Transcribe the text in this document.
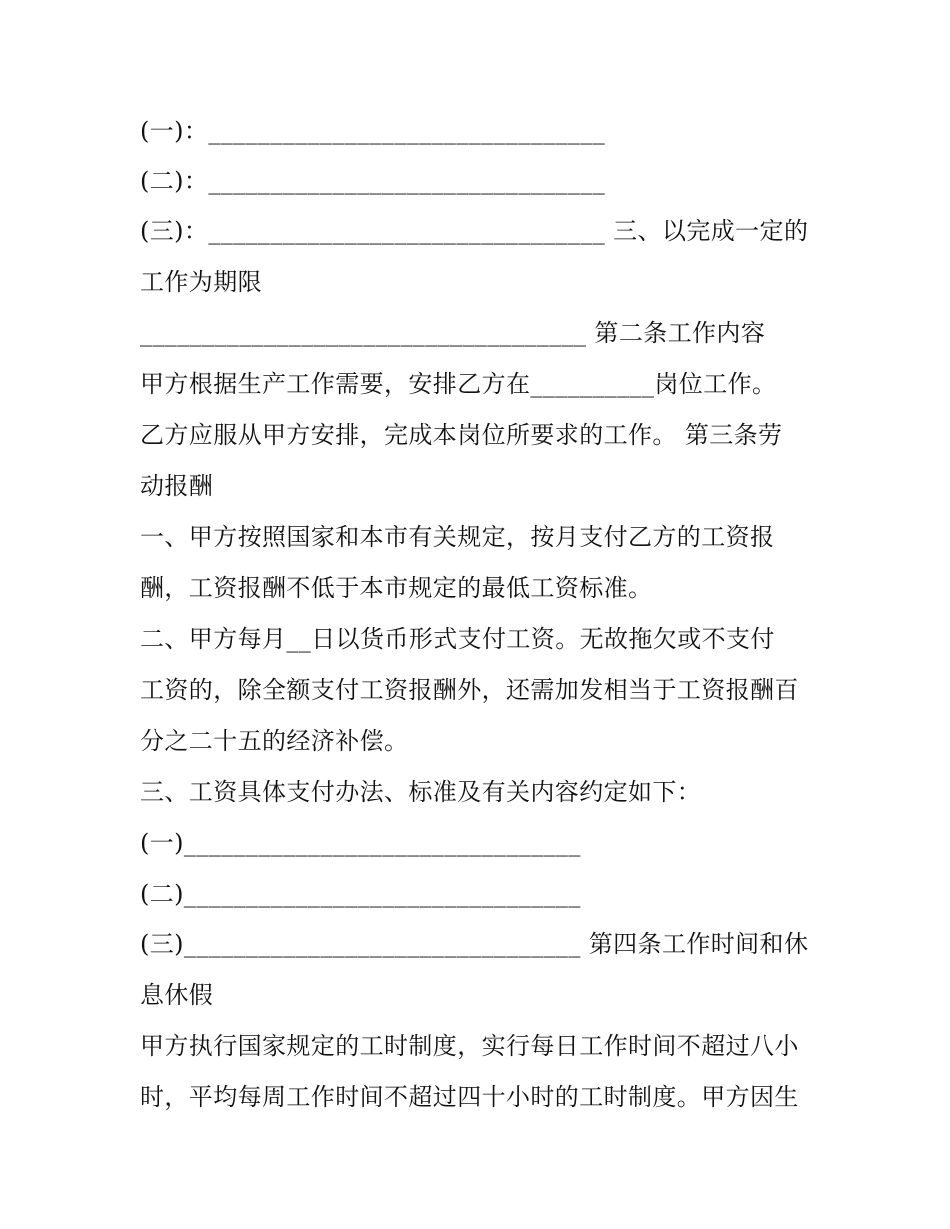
(一)：________________________________
(二)：________________________________
(三)：________________________________ 三、以完成一定的
工作为期限
____________________________________ 第二条工作内容
甲方根据生产工作需要，安排乙方在__________岗位工作。
乙方应服从甲方安排，完成本岗位所要求的工作。 第三条劳
动报酬
一、甲方按照国家和本市有关规定，按月支付乙方的工资报
酬，工资报酬不低于本市规定的最低工资标准。
二、甲方每月__日以货币形式支付工资。无故拖欠或不支付
工资的，除全额支付工资报酬外，还需加发相当于工资报酬百
分之二十五的经济补偿。
三、工资具体支付办法、标准及有关内容约定如下：
(一)________________________________
(二)________________________________
(三)________________________________ 第四条工作时间和休
息休假
甲方执行国家规定的工时制度，实行每日工作时间不超过八小
时，平均每周工作时间不超过四十小时的工时制度。甲方因生
